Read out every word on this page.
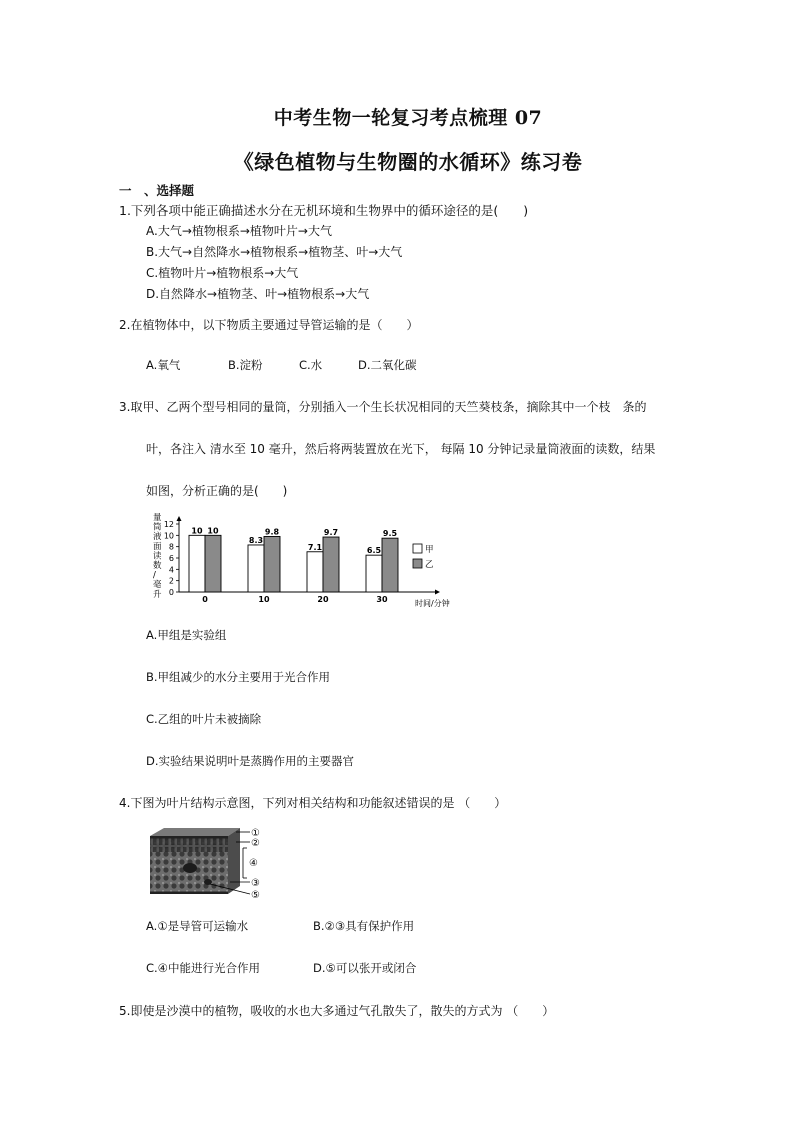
中考生物一轮复习考点梳理 07
《绿色植物与生物圈的水循环》练习卷
一　、选择题
1.下列各项中能正确描述水分在无机环境和生物界中的循环途径的是(　　)
A.大气→植物根系→植物叶片→大气
B.大气→自然降水→植物根系→植物茎、叶→大气
C.植物叶片→植物根系→大气
D.自然降水→植物茎、叶→植物根系→大气
2.在植物体中，以下物质主要通过导管运输的是（　　）
A.氧气	B.淀粉	C.水	D.二氧化碳
3.取甲、乙两个型号相同的量筒，分别插入一个生长状况相同的天竺葵枝条，摘除其中一个枝　条的
叶，各注入 清水至 10 毫升，然后将两装置放在光下， 每隔 10 分钟记录量筒液面的读数，结果
如图，分析正确的是(　　)
量筒液面读数/毫升 0
2
4
6
8
10
12
10 10
0
8.3
9.8
10
7.1
9.7
20
6.5
9.5
30	时间/分钟
甲
乙
A.甲组是实验组
B.甲组减少的水分主要用于光合作用
C.乙组的叶片未被摘除
D.实验结果说明叶是蒸腾作用的主要器官
4.下图为叶片结构示意图，下列对相关结构和功能叙述错误的是 （　　）
①
②
④
③
⑤
A.①是导管可运输水	B.②③具有保护作用
C.④中能进行光合作用	D.⑤可以张开或闭合
5.即使是沙漠中的植物，吸收的水也大多通过气孔散失了，散失的方式为 （　　）
